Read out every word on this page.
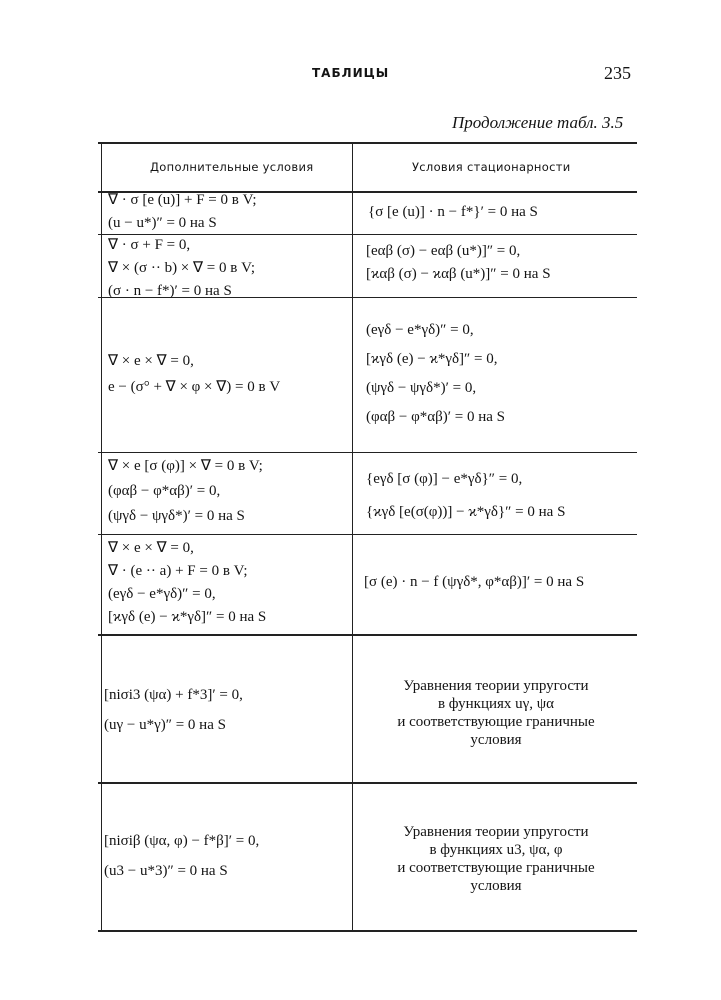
ТАБЛИЦЫ	235
Продолжение табл. 3.5
Дополнительные условия	Условия стационарности
∇ · σ [e (u)] + F = 0 в V;
(u − u*)″ = 0 на S
{σ [e (u)] · n − f*}′ = 0 на S
∇ · σ + F = 0,
∇ × (σ ·· b) × ∇ = 0 в V;
(σ · n − f*)′ = 0 на S
[eαβ (σ) − eαβ (u*)]″ = 0,
[ϰαβ (σ) − ϰαβ (u*)]″ = 0 на S
∇ × e × ∇ = 0,
e − (σ° + ∇ × φ × ∇) = 0 в V
(eγδ − e*γδ)″ = 0,
[ϰγδ (e) − ϰ*γδ]″ = 0,
(ψγδ − ψγδ*)′ = 0,
(φαβ − φ*αβ)′ = 0 на S
∇ × e [σ (φ)] × ∇ = 0 в V;
(φαβ − φ*αβ)′ = 0,
(ψγδ − ψγδ*)′ = 0 на S
{eγδ [σ (φ)] − e*γδ}″ = 0,
{ϰγδ [e(σ(φ))] − ϰ*γδ}″ = 0 на S
∇ × e × ∇ = 0,
∇ · (e ·· a) + F = 0 в V;
(eγδ − e*γδ)″ = 0,
[ϰγδ (e) − ϰ*γδ]″ = 0 на S
[σ (e) · n − f (ψγδ*, φ*αβ)]′ = 0 на S
[niσi3 (ψα) + f*3]′ = 0,
(uγ − u*γ)″ = 0 на S
Уравнения теории упругости
в функциях uγ, ψα
и соответствующие граничные
условия
[niσiβ (ψα, φ) − f*β]′ = 0,
(u3 − u*3)″ = 0 на S
Уравнения теории упругости
в функциях u3, ψα, φ
и соответствующие граничные
условия
